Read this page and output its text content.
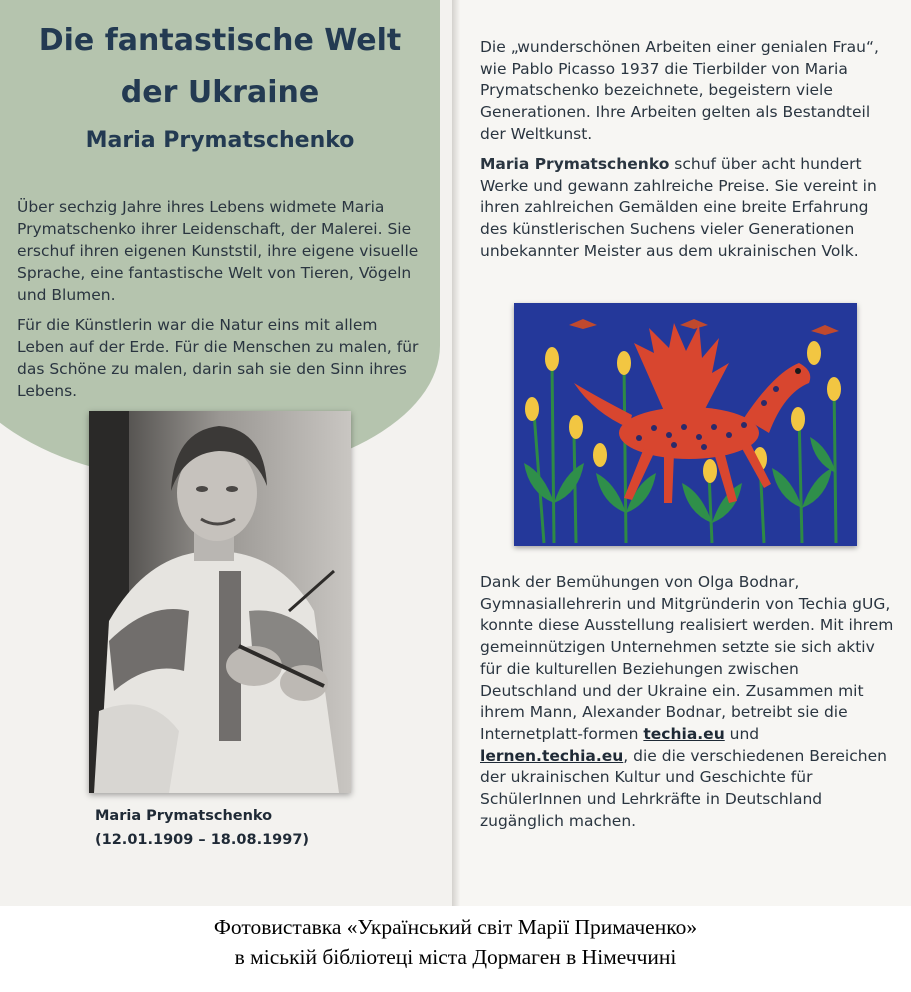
Die fantastische Welt
der Ukraine
Maria Prymatschenko

Über sechzig Jahre ihres Lebens widmete Maria Prymatschenko ihrer Leidenschaft, der Malerei. Sie erschuf ihren eigenen Kunststil, ihre eigene visuelle Sprache, eine fantastische Welt von Tieren, Vögeln und Blumen.

Für die Künstlerin war die Natur eins mit allem Leben auf der Erde. Für die Menschen zu malen, für das Schöne zu malen, darin sah sie den Sinn ihres Lebens.

Maria Prymatschenko
(12.01.1909 – 18.08.1997)

Die „wunderschönen Arbeiten einer genialen Frau“, wie Pablo Picasso 1937 die Tierbilder von Maria Prymatschenko bezeichnete, begeistern viele Generationen. Ihre Arbeiten gelten als Bestandteil der Weltkunst.

Maria Prymatschenko schuf über acht hundert Werke und gewann zahlreiche Preise. Sie vereint in ihren zahlreichen Gemälden eine breite Erfahrung des künstlerischen Suchens vieler Generationen unbekannter Meister aus dem ukrainischen Volk.

Dank der Bemühungen von Olga Bodnar, Gymnasiallehrerin und Mitgründerin von Techia gUG, konnte diese Ausstellung realisiert werden. Mit ihrem gemeinnützigen Unternehmen setzte sie sich aktiv für die kulturellen Beziehungen zwischen Deutschland und der Ukraine ein. Zusammen mit ihrem Mann, Alexander Bodnar, betreibt sie die Internetplatt-formen techia.eu und lernen.techia.eu, die die verschiedenen Bereichen der ukrainischen Kultur und Geschichte für SchülerInnen und Lehrkräfte in Deutschland zugänglich machen.

Фотовиставка «Український світ Марії Примаченко»
в міській бібліотеці міста Дормаген в Німеччині
